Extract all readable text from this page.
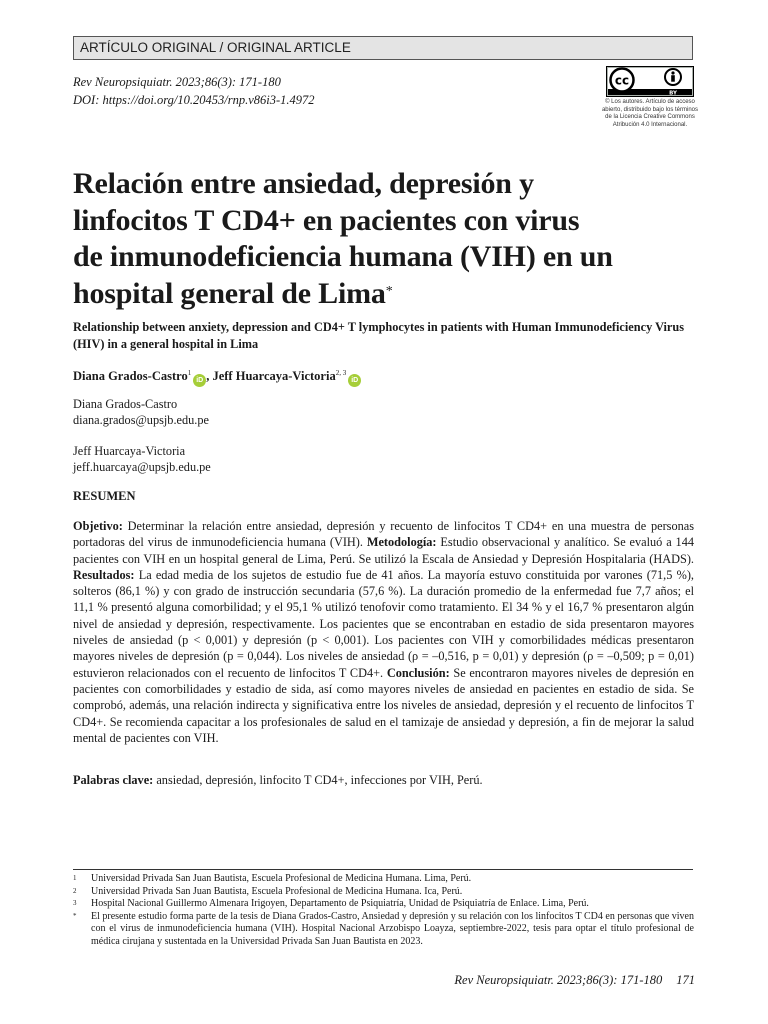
ARTÍCULO ORIGINAL / ORIGINAL ARTICLE
Rev Neuropsiquiatr. 2023;86(3): 171-180
DOI: https://doi.org/10.20453/rnp.v86i3-1.4972
cc
BY
© Los autores. Artículo de acceso abierto, distribuido bajo los términos de la Licencia Creative Commons Atribución 4.0 Internacional.
Relación entre ansiedad, depresión y
linfocitos T CD4+ en pacientes con virus
de inmunodeficiencia humana (VIH) en un
hospital general de Lima*

Relationship between anxiety, depression and CD4+ T lymphocytes in patients with Human Immunodeficiency Virus (HIV) in a general hospital in Lima

Diana Grados-Castro$^1$iD , Jeff Huarcaya-Victoria$^{2, 3}$iD
Diana Grados-Castro
diana.grados@upsjb.edu.pe
Jeff Huarcaya-Victoria
jeff.huarcaya@upsjb.edu.pe
RESUMEN

Objetivo: Determinar la relación entre ansiedad, depresión y recuento de linfocitos T CD4+ en una muestra de personas portadoras del virus de inmunodeficiencia humana (VIH). Metodología: Estudio observacional y analítico. Se evaluó a 144 pacientes con VIH en un hospital general de Lima, Perú. Se utilizó la Escala de Ansiedad y Depresión Hospitalaria (HADS). Resultados: La edad media de los sujetos de estudio fue de 41 años. La mayoría estuvo constituida por varones (71,5 %), solteros (86,1 %) y con grado de instrucción secundaria (57,6 %). La duración promedio de la enfermedad fue 7,7 años; el 11,1 % presentó alguna comorbilidad; y el 95,1 % utilizó tenofovir como tratamiento. El 34 % y el 16,7 % presentaron algún nivel de ansiedad y depresión, respectivamente. Los pacientes que se encontraban en estadio de sida presentaron mayores niveles de ansiedad (p < 0,001) y depresión (p < 0,001). Los pacientes con VIH y comorbilidades médicas presentaron mayores niveles de depresión (p = 0,044). Los niveles de ansiedad (ρ = –0,516, p = 0,01) y depresión (ρ = –0,509; p = 0,01) estuvieron relacionados con el recuento de linfocitos T CD4+. Conclusión: Se encontraron mayores niveles de depresión en pacientes con comorbilidades y estadio de sida, así como mayores niveles de ansiedad en pacientes en estadio de sida. Se comprobó, además, una relación indirecta y significativa entre los niveles de ansiedad, depresión y el recuento de linfocitos T CD4+. Se recomienda capacitar a los profesionales de salud en el tamizaje de ansiedad y depresión, a fin de mejorar la salud mental de pacientes con VIH.

Palabras clave: ansiedad, depresión, linfocito T CD4+, infecciones por VIH, Perú.

1	Universidad Privada San Juan Bautista, Escuela Profesional de Medicina Humana. Lima, Perú.
2	Universidad Privada San Juan Bautista, Escuela Profesional de Medicina Humana. Ica, Perú.
3	Hospital Nacional Guillermo Almenara Irigoyen, Departamento de Psiquiatría, Unidad de Psiquiatría de Enlace. Lima, Perú.
*	El presente estudio forma parte de la tesis de Diana Grados-Castro, Ansiedad y depresión y su relación con los linfocitos T CD4 en personas que viven con el virus de inmunodeficiencia humana (VIH). Hospital Nacional Arzobispo Loayza, septiembre-2022, tesis para optar el título profesional de médica cirujana y sustentada en la Universidad Privada San Juan Bautista en 2023.
Rev Neuropsiquiatr. 2023;86(3): 171-180 171
